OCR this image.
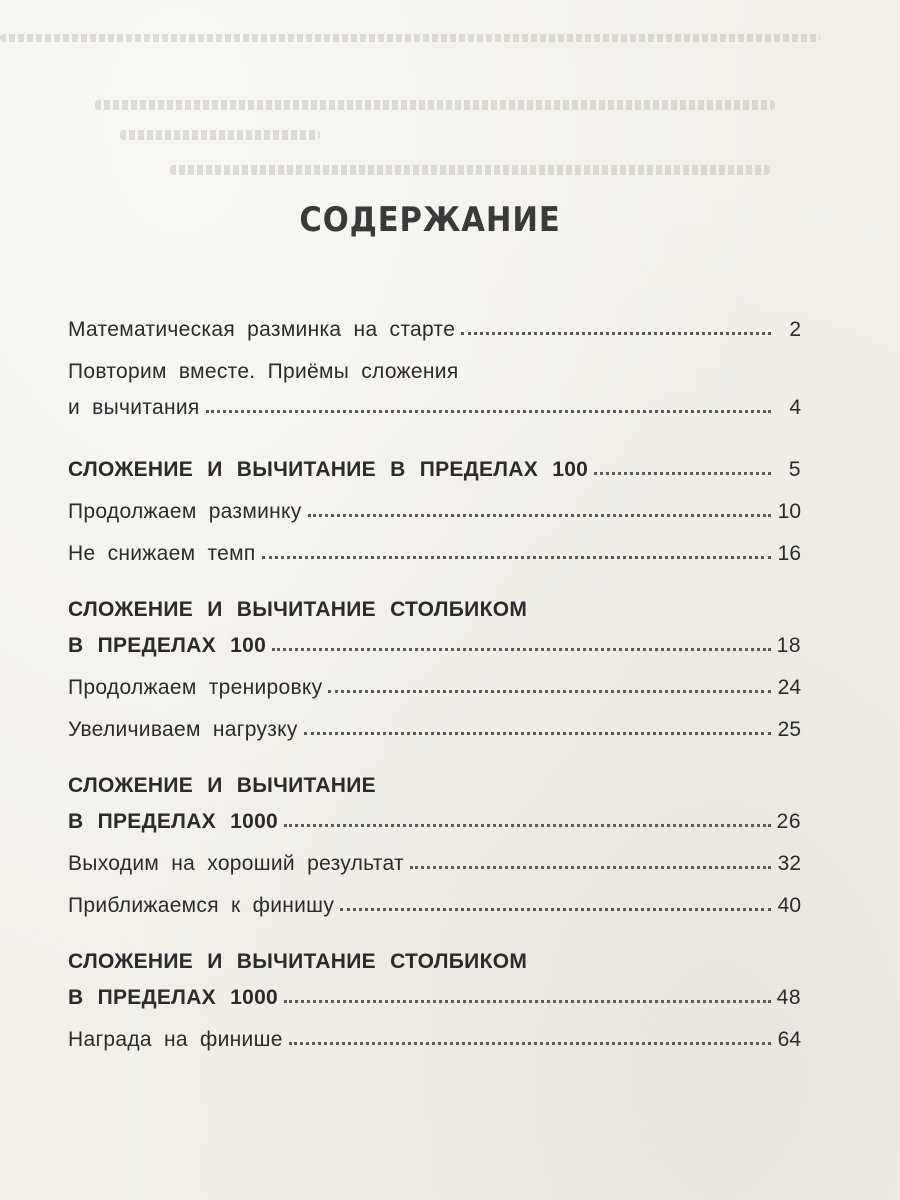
СОДЕРЖАНИЕ
Математическая разминка на старте	2
Повторим вместе. Приёмы сложения
и вычитания	4
СЛОЖЕНИЕ И ВЫЧИТАНИЕ В ПРЕДЕЛАХ 100	5
Продолжаем разминку	10
Не снижаем темп	16
СЛОЖЕНИЕ И ВЫЧИТАНИЕ СТОЛБИКОМ
В ПРЕДЕЛАХ 100	18
Продолжаем тренировку	24
Увеличиваем нагрузку	25
СЛОЖЕНИЕ И ВЫЧИТАНИЕ
В ПРЕДЕЛАХ 1000	26
Выходим на хороший результат	32
Приближаемся к финишу	40
СЛОЖЕНИЕ И ВЫЧИТАНИЕ СТОЛБИКОМ
В ПРЕДЕЛАХ 1000	48
Награда на финише	64
